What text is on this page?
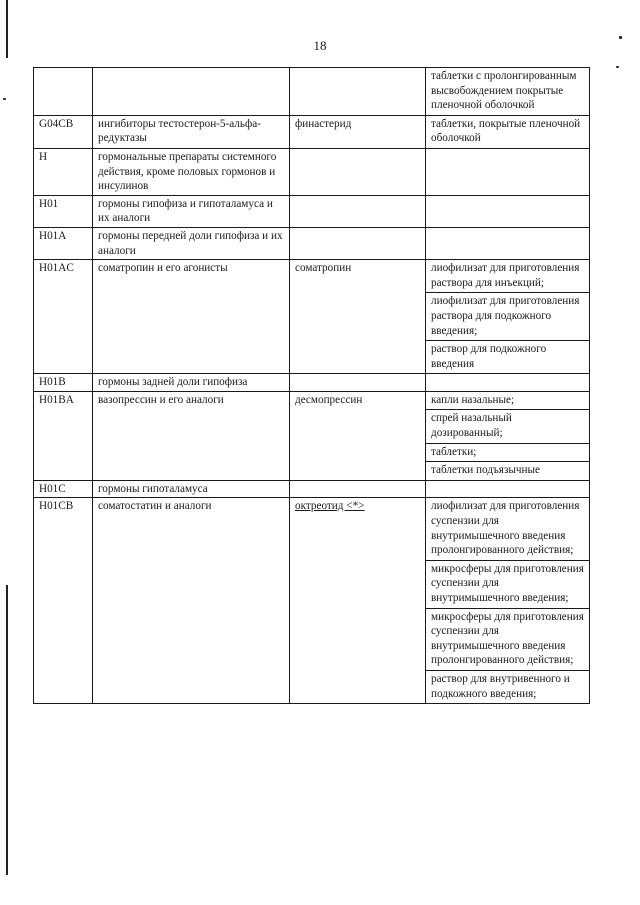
18

			таблетки с пролонгированным высвобождением покрытые пленочной оболочкой

G04CB	ингибиторы тестостерон-5-альфа-редуктазы	финастерид	таблетки, покрытые пленочной оболочкой

H	гормональные препараты системного действия, кроме половых гормонов и инсулинов		
H01	гормоны гипофиза и гипоталамуса и их аналоги		
H01A	гормоны передней доли гипофиза и их аналоги		
H01AC	соматропин и его агонисты	соматропин	лиофилизат для приготовления раствора для инъекций;
лиофилизат для приготовления раствора для подкожного введения;
раствор для подкожного введения

H01B	гормоны задней доли гипофиза		
H01BA	вазопрессин и его аналоги	десмопрессин	капли назальные;
спрей назальный дозированный;
таблетки;
таблетки подъязычные

H01C	гормоны гипоталамуса		
H01CB	соматостатин и аналоги	октреотид <*>	лиофилизат для приготовления суспензии для внутримышечного введения пролонгированного действия;
микросферы для приготовления суспензии для внутримышечного введения;
микросферы для приготовления суспензии для внутримышечного введения пролонгированного действия;
раствор для внутривенного и подкожного введения;
